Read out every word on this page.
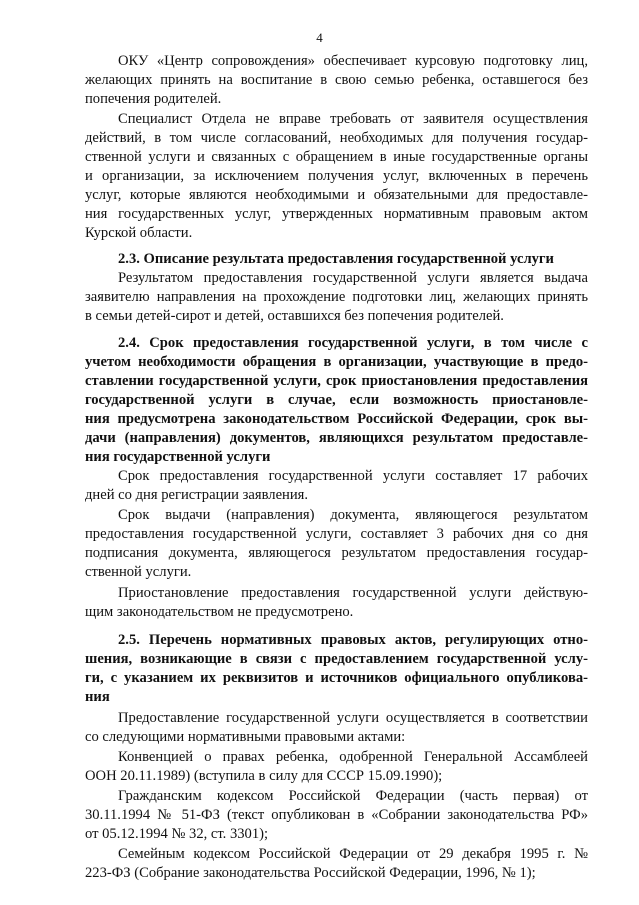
4
ОКУ «Центр сопровождения» обеспечивает курсовую подготовку лиц,
желающих принять на воспитание в свою семью ребенка, оставшегося без
попечения родителей.
Специалист Отдела не вправе требовать от заявителя осуществления
действий, в том числе согласований, необходимых для получения государ-
ственной услуги и связанных с обращением в иные государственные органы
и организации, за исключением получения услуг, включенных в перечень
услуг, которые являются необходимыми и обязательными для предоставле-
ния государственных услуг, утвержденных нормативным правовым актом
Курской области.
2.3. Описание результата предоставления государственной услуги
Результатом предоставления государственной услуги является выдача
заявителю направления на прохождение подготовки лиц, желающих принять
в семьи детей-сирот и детей, оставшихся без попечения родителей.
2.4. Срок предоставления государственной услуги, в том числе с
учетом необходимости обращения в организации, участвующие в предо-
ставлении государственной услуги, срок приостановления предоставления
государственной услуги в случае, если возможность приостановле-
ния предусмотрена законодательством Российской Федерации, срок вы-
дачи (направления) документов, являющихся результатом предоставле-
ния государственной услуги
Срок предоставления государственной услуги составляет 17 рабочих
дней со дня регистрации заявления.
Срок выдачи (направления) документа, являющегося результатом
предоставления государственной услуги, составляет 3 рабочих дня со дня
подписания документа, являющегося результатом предоставления государ-
ственной услуги.
Приостановление предоставления государственной услуги действую-
щим законодательством не предусмотрено.
2.5. Перечень нормативных правовых актов, регулирующих отно-
шения, возникающие в связи с предоставлением государственной услу-
ги, с указанием их реквизитов и источников официального опубликова-
ния
Предоставление государственной услуги осуществляется в соответствии
со следующими нормативными правовыми актами:
Конвенцией о правах ребенка, одобренной Генеральной Ассамблеей
ООН 20.11.1989) (вступила в силу для СССР 15.09.1990);
Гражданским кодексом Российской Федерации (часть первая) от
30.11.1994 № 51-ФЗ (текст опубликован в «Собрании законодательства РФ»
от 05.12.1994 № 32, ст. 3301);
Семейным кодексом Российской Федерации от 29 декабря 1995 г. №
223-ФЗ (Собрание законодательства Российской Федерации, 1996, № 1);
